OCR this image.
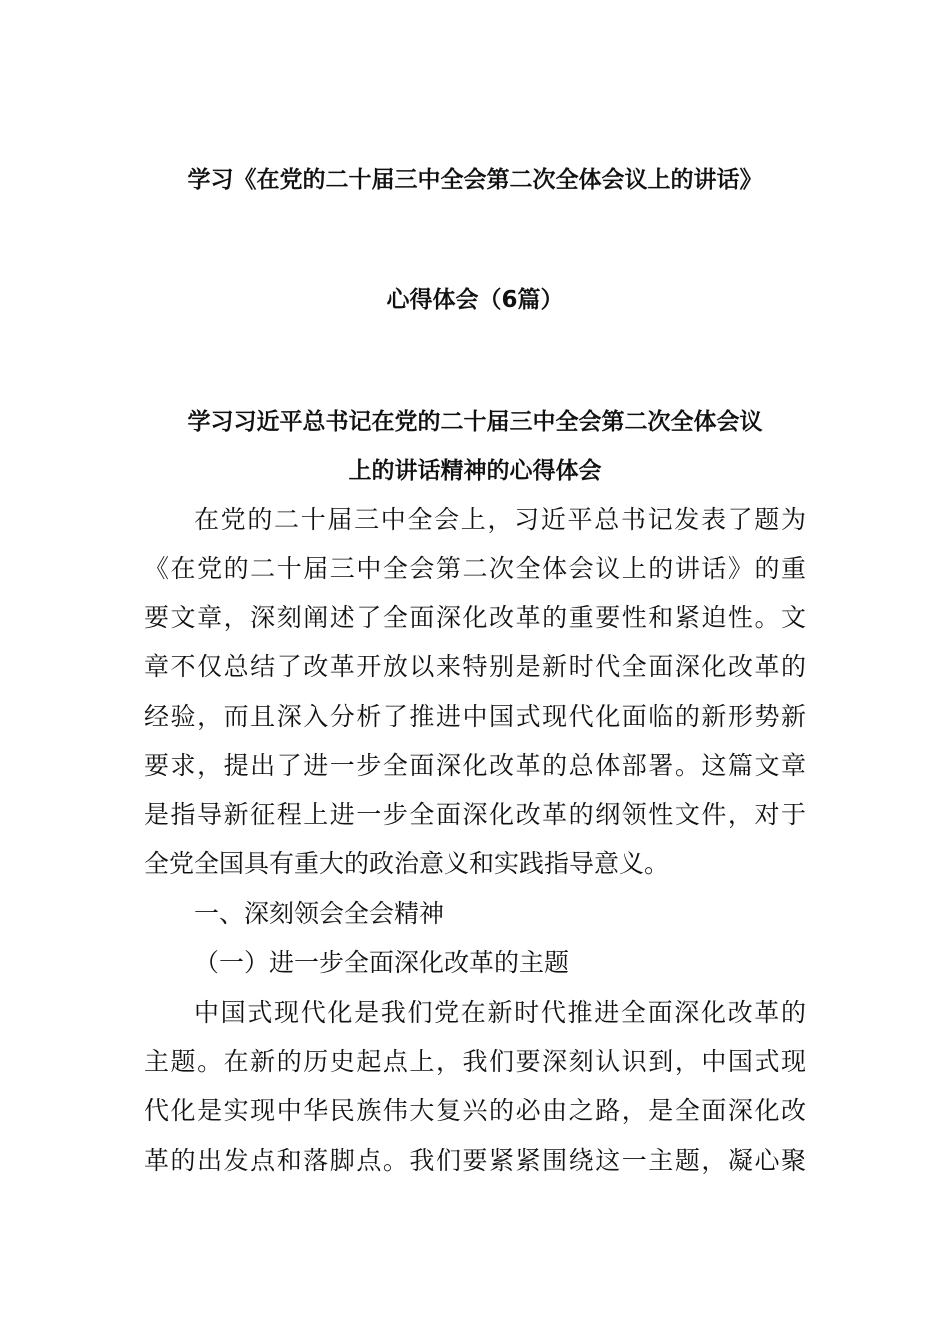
学习《在党的二十届三中全会第二次全体会议上的讲话》
心得体会（6篇）
学习习近平总书记在党的二十届三中全会第二次全体会议
上的讲话精神的心得体会
在党的二十届三中全会上，习近平总书记发表了题为
《在党的二十届三中全会第二次全体会议上的讲话》的重
要文章，深刻阐述了全面深化改革的重要性和紧迫性。文
章不仅总结了改革开放以来特别是新时代全面深化改革的
经验，而且深入分析了推进中国式现代化面临的新形势新
要求，提出了进一步全面深化改革的总体部署。这篇文章
是指导新征程上进一步全面深化改革的纲领性文件，对于
全党全国具有重大的政治意义和实践指导意义。
一、深刻领会全会精神
（一）进一步全面深化改革的主题
中国式现代化是我们党在新时代推进全面深化改革的
主题。在新的历史起点上，我们要深刻认识到，中国式现
代化是实现中华民族伟大复兴的必由之路，是全面深化改
革的出发点和落脚点。我们要紧紧围绕这一主题，凝心聚
